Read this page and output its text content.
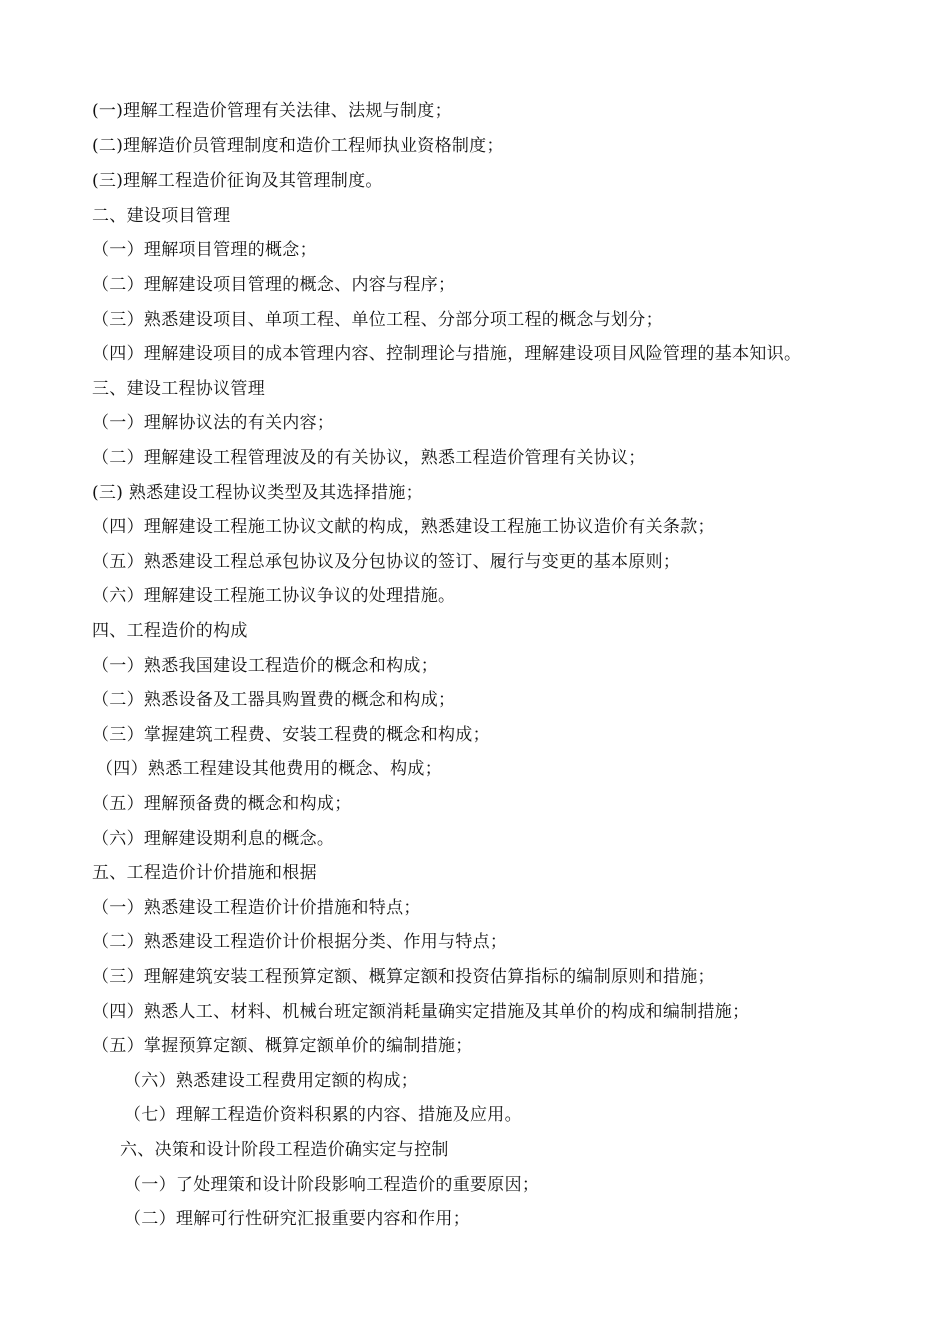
(一)理解工程造价管理有关法律、法规与制度；
(二)理解造价员管理制度和造价工程师执业资格制度；
(三)理解工程造价征询及其管理制度。
二、建设项目管理
（一）理解项目管理的概念；
（二）理解建设项目管理的概念、内容与程序；
（三）熟悉建设项目、单项工程、单位工程、分部分项工程的概念与划分；
（四）理解建设项目的成本管理内容、控制理论与措施，理解建设项目风险管理的基本知识。
三、建设工程协议管理
（一）理解协议法的有关内容；
（二）理解建设工程管理波及的有关协议，熟悉工程造价管理有关协议；
(三) 熟悉建设工程协议类型及其选择措施；
（四）理解建设工程施工协议文献的构成，熟悉建设工程施工协议造价有关条款；
（五）熟悉建设工程总承包协议及分包协议的签订、履行与变更的基本原则；
（六）理解建设工程施工协议争议的处理措施。
四、工程造价的构成
（一）熟悉我国建设工程造价的概念和构成；
（二）熟悉设备及工器具购置费的概念和构成；
（三）掌握建筑工程费、安装工程费的概念和构成；
（四）熟悉工程建设其他费用的概念、构成；
（五）理解预备费的概念和构成；
（六）理解建设期利息的概念。
五、工程造价计价措施和根据
（一）熟悉建设工程造价计价措施和特点；
（二）熟悉建设工程造价计价根据分类、作用与特点；
（三）理解建筑安装工程预算定额、概算定额和投资估算指标的编制原则和措施；
（四）熟悉人工、材料、机械台班定额消耗量确实定措施及其单价的构成和编制措施；
（五）掌握预算定额、概算定额单价的编制措施；
（六）熟悉建设工程费用定额的构成；
（七）理解工程造价资料积累的内容、措施及应用。
六、决策和设计阶段工程造价确实定与控制
（一）了处理策和设计阶段影响工程造价的重要原因；
（二）理解可行性研究汇报重要内容和作用；
